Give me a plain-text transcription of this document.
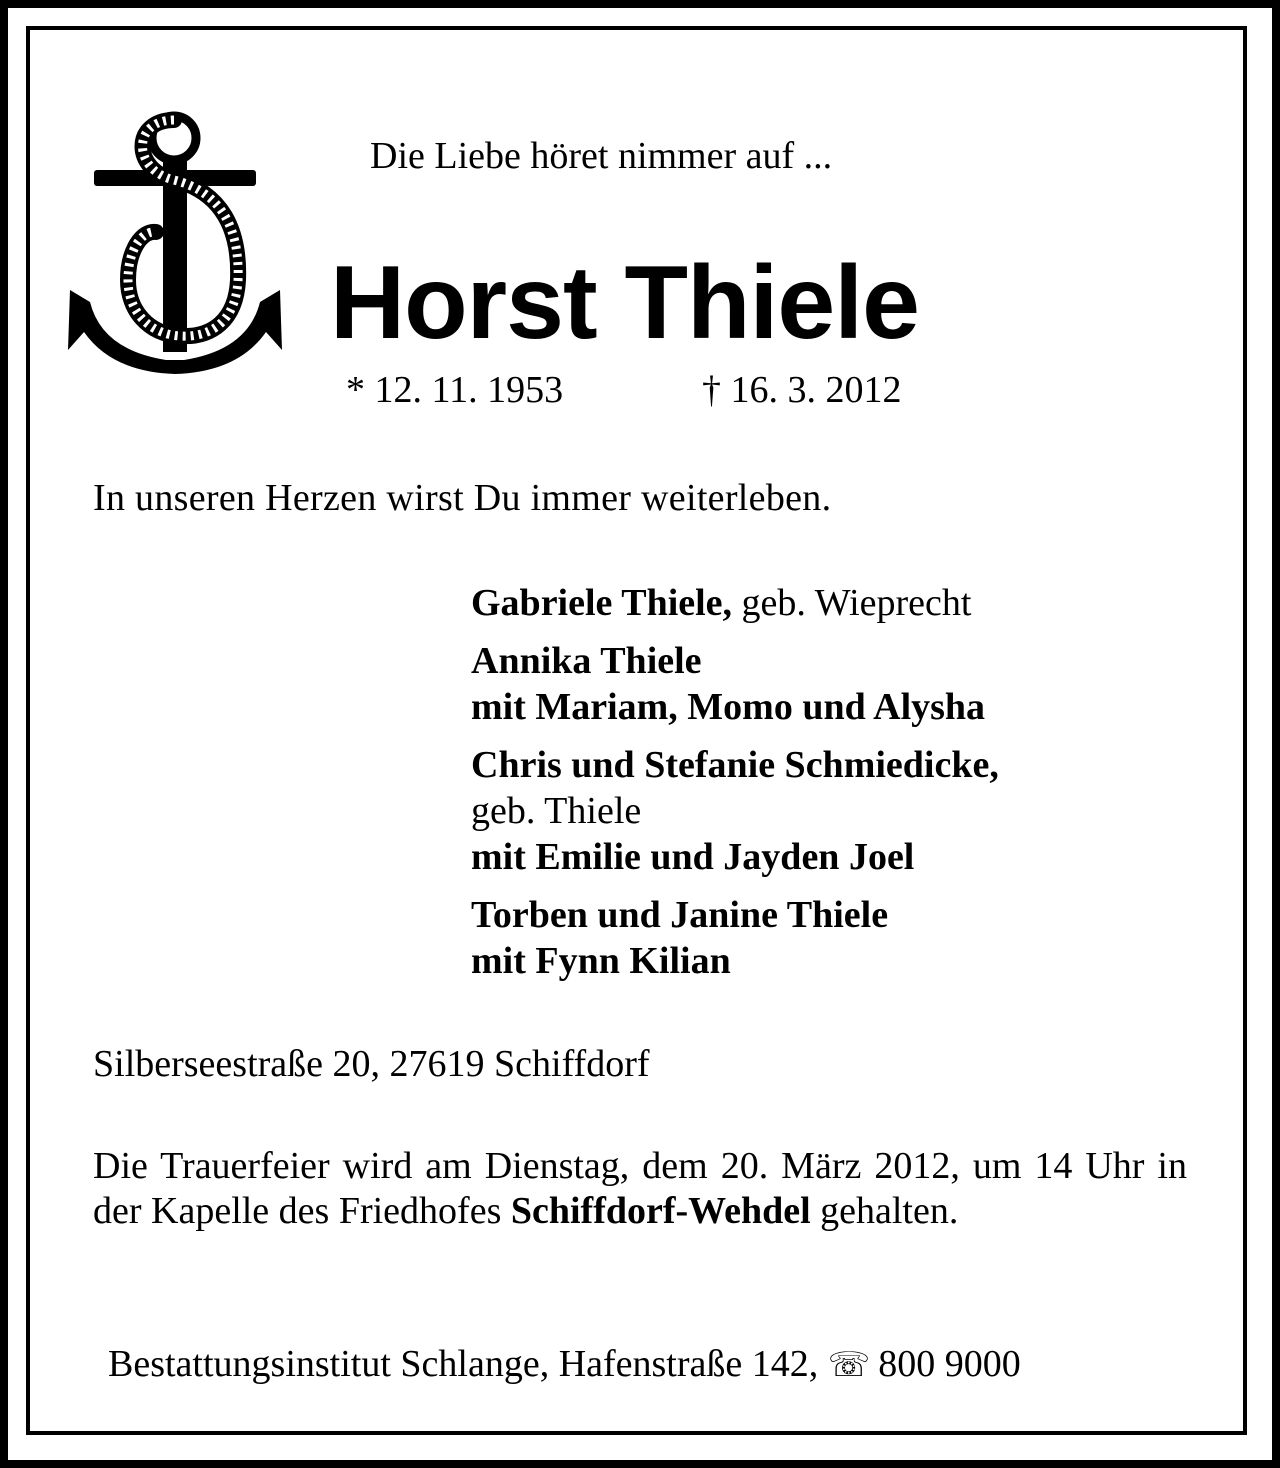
Die Liebe höret nimmer auf ...
Horst Thiele
* 12. 11. 1953	† 16. 3. 2012
In unseren Herzen wirst Du immer weiterleben.
Gabriele Thiele, geb. Wieprecht
Annika Thiele
mit Mariam, Momo und Alysha
Chris und Stefanie Schmiedicke,
geb. Thiele
mit Emilie und Jayden Joel
Torben und Janine Thiele
mit Fynn Kilian
Silberseestraße 20, 27619 Schiffdorf
Die Trauerfeier wird am Dienstag, dem 20. März 2012, um 14 Uhr in der Kapelle des Friedhofes Schiffdorf-Wehdel gehalten.
Bestattungsinstitut Schlange, Hafenstraße 142, ☏ 800 9000
